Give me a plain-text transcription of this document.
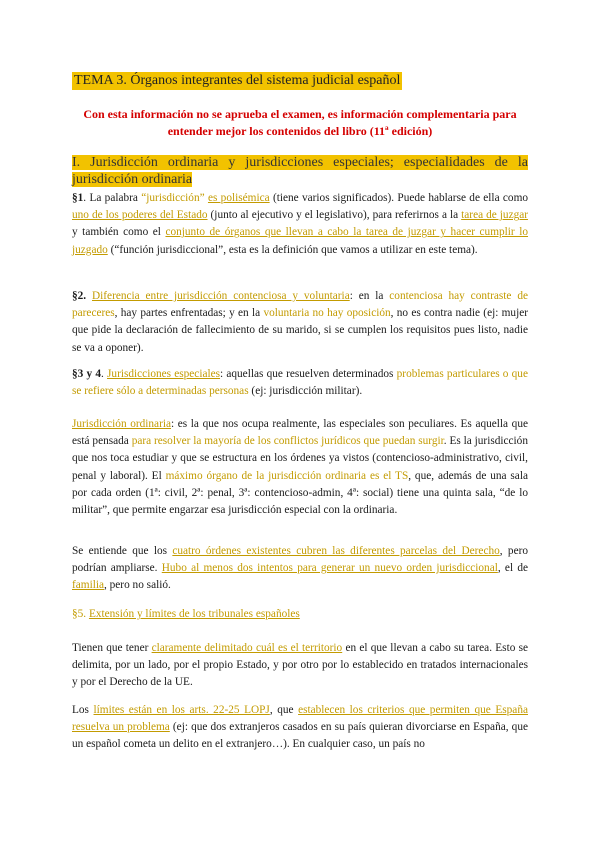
TEMA 3. Órganos integrantes del sistema judicial español
Con esta información no se aprueba el examen, es información complementaria para entender mejor los contenidos del libro (11ª edición)
I. Jurisdicción ordinaria y jurisdicciones especiales; especialidades de la jurisdicción ordinaria

§1. La palabra “jurisdicción” es polisémica (tiene varios significados). Puede hablarse de ella como uno de los poderes del Estado (junto al ejecutivo y el legislativo), para referirnos a la tarea de juzgar y también como el conjunto de órganos que llevan a cabo la tarea de juzgar y hacer cumplir lo juzgado (“función jurisdiccional”, esta es la definición que vamos a utilizar en este tema).

§2. Diferencia entre jurisdicción contenciosa y voluntaria: en la contenciosa hay contraste de pareceres, hay partes enfrentadas; y en la voluntaria no hay oposición, no es contra nadie (ej: mujer que pide la declaración de fallecimiento de su marido, si se cumplen los requisitos pues listo, nadie se va a oponer).

§3 y 4. Jurisdicciones especiales: aquellas que resuelven determinados problemas particulares o que se refiere sólo a determinadas personas (ej: jurisdicción militar).

Jurisdicción ordinaria: es la que nos ocupa realmente, las especiales son peculiares. Es aquella que está pensada para resolver la mayoría de los conflictos jurídicos que puedan surgir. Es la jurisdicción que nos toca estudiar y que se estructura en los órdenes ya vistos (contencioso-administrativo, civil, penal y laboral). El máximo órgano de la jurisdicción ordinaria es el TS, que, además de una sala por cada orden (1ª: civil, 2ª: penal, 3ª: contencioso-admin, 4ª: social) tiene una quinta sala, “de lo militar”, que permite engarzar esa jurisdicción especial con la ordinaria.

Se entiende que los cuatro órdenes existentes cubren las diferentes parcelas del Derecho, pero podrían ampliarse. Hubo al menos dos intentos para generar un nuevo orden jurisdiccional, el de familia, pero no salió.

§5. Extensión y límites de los tribunales españoles

Tienen que tener claramente delimitado cuál es el territorio en el que llevan a cabo su tarea. Esto se delimita, por un lado, por el propio Estado, y por otro por lo establecido en tratados internacionales y por el Derecho de la UE.

Los límites están en los arts. 22-25 LOPJ, que establecen los criterios que permiten que España resuelva un problema (ej: que dos extranjeros casados en su país quieran divorciarse en España, que un español cometa un delito en el extranjero…). En cualquier caso, un país no
